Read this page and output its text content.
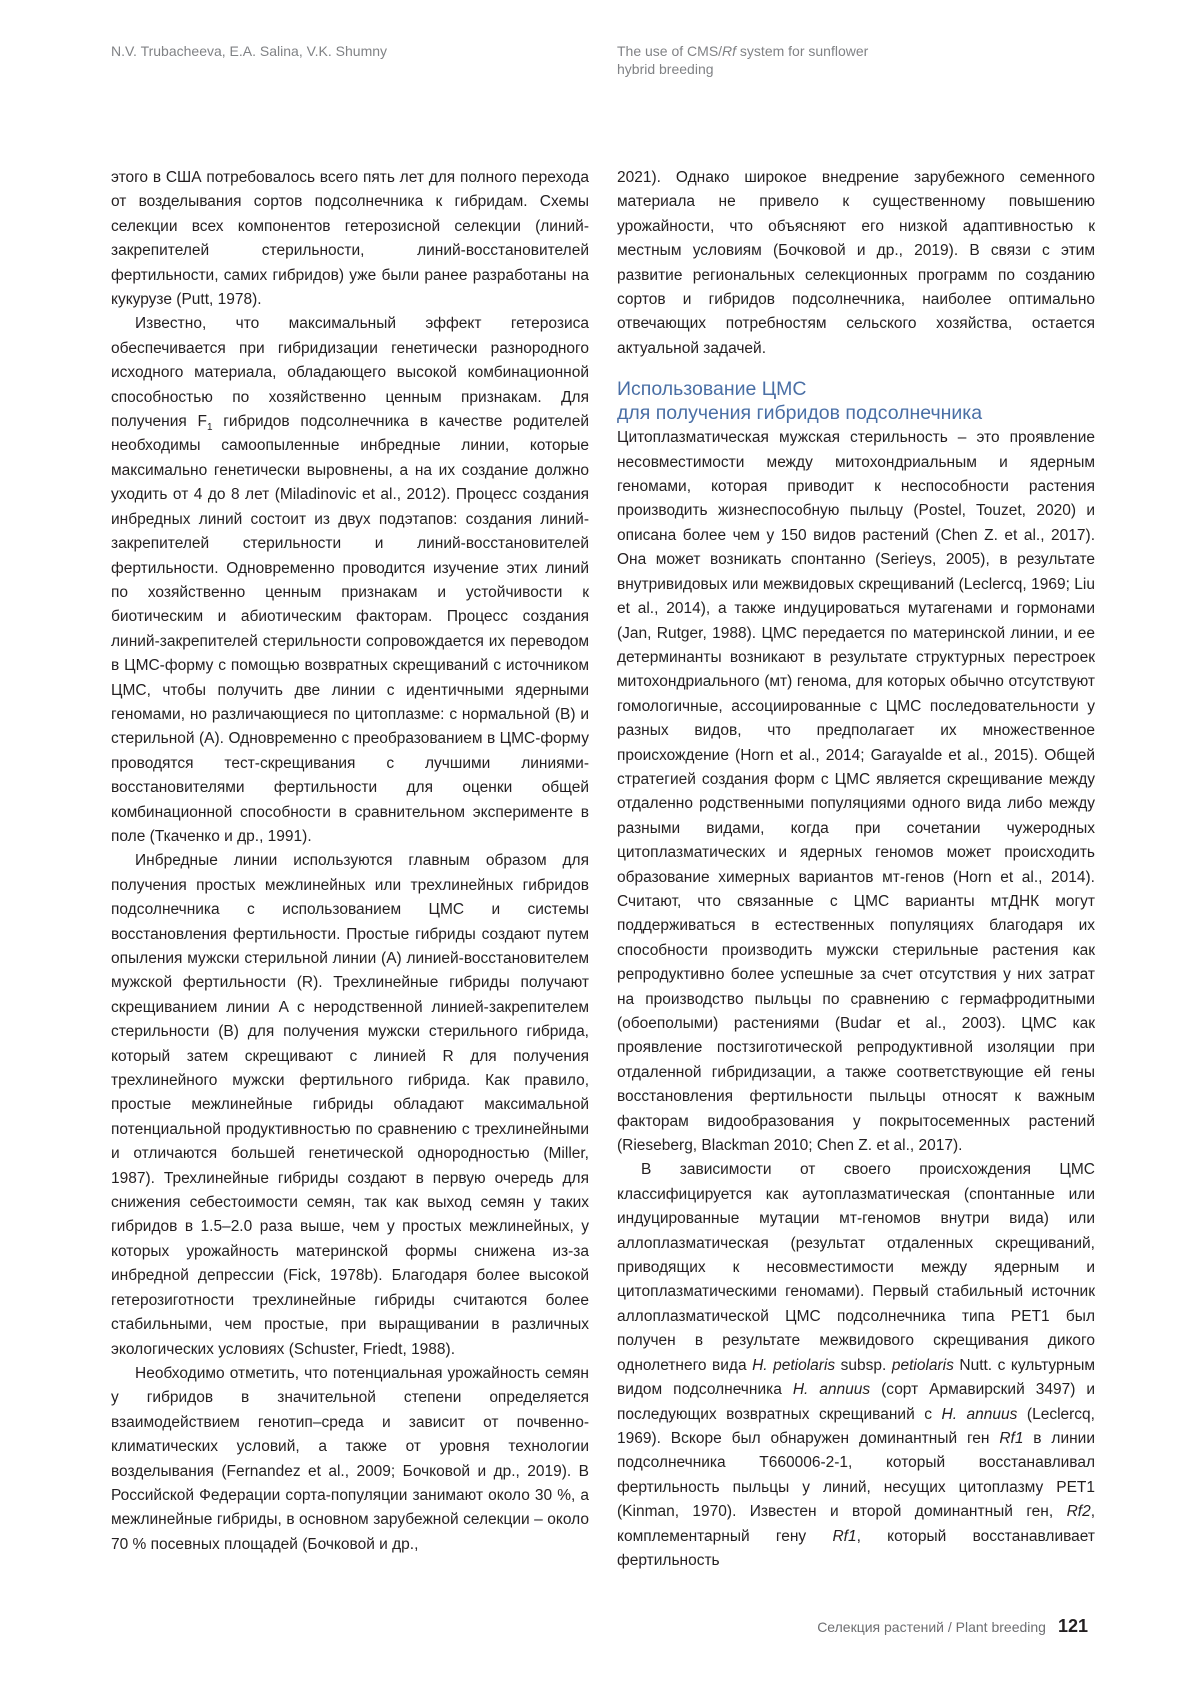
N.V. Trubacheeva, E.A. Salina, V.K. Shumny	The use of CMS/Rf system for sunflower
hybrid breeding

этого в США потребовалось всего пять лет для полного перехода от возделывания сортов подсолнечника к гибридам. Схемы селекции всех компонентов гетерозисной селекции (линий-закрепителей стерильности, линий-восстановителей фертильности, самих гибридов) уже были ранее разработаны на кукурузе (Putt, 1978).

Известно, что максимальный эффект гетерозиса обеспечивается при гибридизации генетически разнородного исходного материала, обладающего высокой комбинационной способностью по хозяйственно ценным признакам. Для получения $F_1$ гибридов подсолнечника в качестве родителей необходимы самоопыленные инбредные линии, которые максимально генетически выровнены, а на их создание должно уходить от 4 до 8 лет (Miladinovic et al., 2012). Процесс создания инбредных линий состоит из двух подэтапов: создания линий-закрепителей стерильности и линий-восстановителей фертильности. Одновременно проводится изучение этих линий по хозяйственно ценным признакам и устойчивости к биотическим и абиотическим факторам. Процесс создания линий-закрепителей стерильности сопровождается их переводом в ЦМС-форму с помощью возвратных скрещиваний с источником ЦМС, чтобы получить две линии с идентичными ядерными геномами, но различающиеся по цитоплазме: с нормальной (B) и стерильной (A). Одновременно с преобразованием в ЦМС-форму проводятся тест-скрещивания с лучшими линиями-восстановителями фертильности для оценки общей комбинационной способности в сравнительном эксперименте в поле (Ткаченко и др., 1991).

Инбредные линии используются главным образом для получения простых межлинейных или трехлинейных гибридов подсолнечника с использованием ЦМС и системы восстановления фертильности. Простые гибриды создают путем опыления мужски стерильной линии (A) линией-восстановителем мужской фертильности (R). Трехлинейные гибриды получают скрещиванием линии A с неродственной линией-закрепителем стерильности (B) для получения мужски стерильного гибрида, который затем скрещивают с линией R для получения трехлинейного мужски фертильного гибрида. Как правило, простые межлинейные гибриды обладают максимальной потенциальной продуктивностью по сравнению с трехлинейными и отличаются большей генетической однородностью (Miller, 1987). Трехлинейные гибриды создают в первую очередь для снижения себестоимости семян, так как выход семян у таких гибридов в 1.5–2.0 раза выше, чем у простых межлинейных, у которых урожайность материнской формы снижена из-за инбредной депрессии (Fick, 1978b). Благодаря более высокой гетерозиготности трехлинейные гибриды считаются более стабильными, чем простые, при выращивании в различных экологических условиях (Schuster, Friedt, 1988).

Необходимо отметить, что потенциальная урожайность семян у гибридов в значительной степени определяется взаимодействием генотип–среда и зависит от почвенно-климатических условий, а также от уровня технологии возделывания (Fernandez et al., 2009; Бочковой и др., 2019). В Российской Федерации сорта-популяции занимают около 30 %, а межлинейные гибриды, в основном зарубежной селекции – около 70 % посевных площадей (Бочковой и др.,

2021). Однако широкое внедрение зарубежного семенного материала не привело к существенному повышению урожайности, что объясняют его низкой адаптивностью к местным условиям (Бочковой и др., 2019). В связи с этим развитие региональных селекционных программ по созданию сортов и гибридов подсолнечника, наиболее оптимально отвечающих потребностям сельского хозяйства, остается актуальной задачей.

Использование ЦМС
для получения гибридов подсолнечника

Цитоплазматическая мужская стерильность – это проявление несовместимости между митохондриальным и ядерным геномами, которая приводит к неспособности растения производить жизнеспособную пыльцу (Postel, Touzet, 2020) и описана более чем у 150 видов растений (Chen Z. et al., 2017). Она может возникать спонтанно (Serieys, 2005), в результате внутривидовых или межвидовых скрещиваний (Leclercq, 1969; Liu et al., 2014), а также индуцироваться мутагенами и гормонами (Jan, Rutger, 1988). ЦМС передается по материнской линии, и ее детерминанты возникают в результате структурных перестроек митохондриального (мт) генома, для которых обычно отсутствуют гомологичные, ассоциированные с ЦМС последовательности у разных видов, что предполагает их множественное происхождение (Horn et al., 2014; Garayalde et al., 2015). Общей стратегией создания форм с ЦМС является скрещивание между отдаленно родственными популяциями одного вида либо между разными видами, когда при сочетании чужеродных цитоплазматических и ядерных геномов может происходить образование химерных вариантов мт-генов (Horn et al., 2014). Считают, что связанные с ЦМС варианты мтДНК могут поддерживаться в естественных популяциях благодаря их способности производить мужски стерильные растения как репродуктивно более успешные за счет отсутствия у них затрат на производство пыльцы по сравнению с гермафродитными (обоеполыми) растениями (Budar et al., 2003). ЦМС как проявление постзиготической репродуктивной изоляции при отдаленной гибридизации, а также соответствующие ей гены восстановления фертильности пыльцы относят к важным факторам видообразования у покрытосеменных растений (Rieseberg, Blackman 2010; Chen Z. et al., 2017).

В зависимости от своего происхождения ЦМС классифицируется как аутоплазматическая (спонтанные или индуцированные мутации мт-геномов внутри вида) или аллоплазматическая (результат отдаленных скрещиваний, приводящих к несовместимости между ядерным и цитоплазматическими геномами). Первый стабильный источник аллоплазматической ЦМС подсолнечника типа PET1 был получен в результате межвидового скрещивания дикого однолетнего вида H. petiolaris subsp. petiolaris Nutt. с культурным видом подсолнечника H. annuus (сорт Армавирский 3497) и последующих возвратных скрещиваний с H. annuus (Leclercq, 1969). Вскоре был обнаружен доминантный ген Rf1 в линии подсолнечника T660006-2-1, который восстанавливал фертильность пыльцы у линий, несущих цитоплазму PET1 (Kinman, 1970). Известен и второй доминантный ген, Rf2, комплементарный гену Rf1, который восстанавливает фертильность

Селекция растений / Plant breeding 121
